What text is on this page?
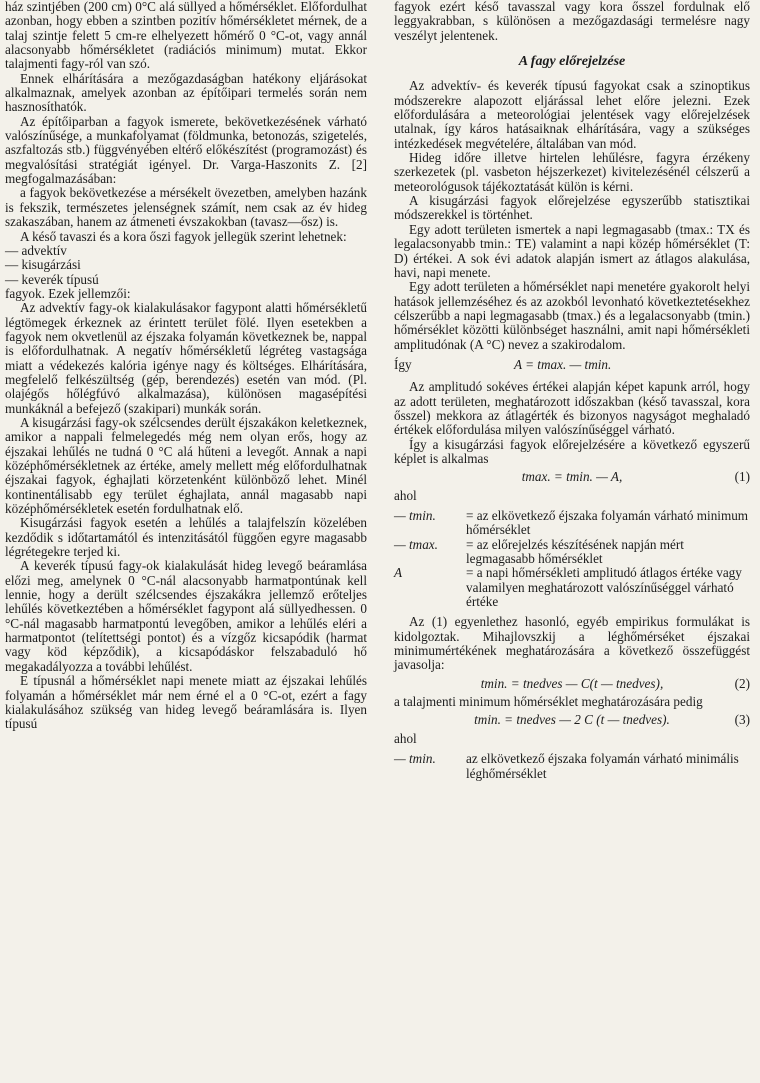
ház szintjében (200 cm) 0°C alá süllyed a hőmérséklet. Előfordulhat azonban, hogy ebben a szintben pozitív hőmérsékletet mérnek, de a talaj szintje felett 5 cm-re elhelyezett hőmérő 0 °C-ot, vagy annál alacsonyabb hőmérsékletet (radiációs minimum) mutat. Ekkor talajmenti fagy-ról van szó.

Ennek elhárítására a mezőgazdaságban hatékony eljárásokat alkalmaznak, amelyek azonban az építőipari termelés során nem hasznosíthatók.

Az építőiparban a fagyok ismerete, bekövetkezésének várható valószínűsége, a munkafolyamat (földmunka, betonozás, szigetelés, aszfaltozás stb.) függvényében eltérő előkészítést (programozást) és megvalósítási stratégiát igényel. Dr. Varga-Haszonits Z. [2] megfogalmazásában:

a fagyok bekövetkezése a mérsékelt övezetben, amelyben hazánk is fekszik, természetes jelenségnek számít, nem csak az év hideg szakaszában, hanem az átmeneti évszakokban (tavasz—ősz) is.

A késő tavaszi és a kora őszi fagyok jellegük szerint lehetnek:

— advektív

— kisugárzási

— keverék típusú

fagyok. Ezek jellemzői:

Az advektív fagy-ok kialakulásakor fagypont alatti hőmérsékletű légtömegek érkeznek az érintett terület fölé. Ilyen esetekben a fagyok nem okvetlenül az éjszaka folyamán következnek be, nappal is előfordulhatnak. A negatív hőmérsékletű légréteg vastagsága miatt a védekezés kalória igénye nagy és költséges. Elhárítására, megfelelő felkészültség (gép, berendezés) esetén van mód. (Pl. olajégős hőlégfúvó alkalmazása), különösen magasépítési munkáknál a befejező (szakipari) munkák során.

A kisugárzási fagy-ok szélcsendes derült éjszakákon keletkeznek, amikor a nappali felmelegedés még nem olyan erős, hogy az éjszakai lehűlés ne tudná 0 °C alá hűteni a levegőt. Annak a napi középhőmérsékletnek az értéke, amely mellett még előfordulhatnak éjszakai fagyok, éghajlati körzetenként különböző lehet. Minél kontinentálisabb egy terület éghajlata, annál magasabb napi középhőmérsékletek esetén fordulhatnak elő.

Kisugárzási fagyok esetén a lehűlés a talajfelszín közelében kezdődik s időtartamától és intenzitásától függően egyre magasabb légrétegekre terjed ki.

A keverék típusú fagy-ok kialakulását hideg levegő beáramlása előzi meg, amelynek 0 °C-nál alacsonyabb harmatpontúnak kell lennie, hogy a derült szélcsendes éjszakákra jellemző erőteljes lehűlés következtében a hőmérséklet fagypont alá süllyedhessen. 0 °C-nál magasabb harmatpontú levegőben, amikor a lehűlés eléri a harmatpontot (telítettségi pontot) és a vízgőz kicsapódik (harmat vagy köd képződik), a kicsapódáskor felszabaduló hő megakadályozza a további lehűlést.

E típusnál a hőmérséklet napi menete miatt az éjszakai lehűlés folyamán a hőmérséklet már nem érné el a 0 °C-ot, ezért a fagy kialakulásához szükség van hideg levegő beáramlására is. Ilyen típusú

fagyok ezért késő tavasszal vagy kora ősszel fordulnak elő leggyakrabban, s különösen a mezőgazdasági termelésre nagy veszélyt jelentenek.

A fagy előrejelzése

Az advektív- és keverék típusú fagyokat csak a szinoptikus módszerekre alapozott eljárással lehet előre jelezni. Ezek előfordulására a meteorológiai jelentések vagy előrejelzések utalnak, így káros hatásaiknak elhárítására, vagy a szükséges intézkedések megvételére, általában van mód.

Hideg időre illetve hirtelen lehűlésre, fagyra érzékeny szerkezetek (pl. vasbeton héjszerkezet) kivitelezésénél célszerű a meteorológusok tájékoztatását külön is kérni.

A kisugárzási fagyok előrejelzése egyszerűbb statisztikai módszerekkel is történhet.

Egy adott területen ismertek a napi legmagasabb (tmax.: TX és legalacsonyabb tmin.: TE) valamint a napi közép hőmérséklet (T: D) értékei. A sok évi adatok alapján ismert az átlagos alakulása, havi, napi menete.

Egy adott területen a hőmérséklet napi menetére gyakorolt helyi hatások jellemzéséhez és az azokból levonható következtetésekhez célszerűbb a napi legmagasabb (tmax.) és a legalacsonyabb (tmin.) hőmérséklet közötti különbséget használni, amit napi hőmérsékleti amplitudónak (A °C) nevez a szakirodalom.

Így	A = tmax. — tmin.

Az amplitudó sokéves értékei alapján képet kapunk arról, hogy az adott területen, meghatározott időszakban (késő tavasszal, kora ősszel) mekkora az átlagérték és bizonyos nagyságot meghaladó értékek előfordulása milyen valószínűséggel várható.

Így a kisugárzási fagyok előrejelzésére a következő egyszerű képlet is alkalmas

tmax. = tmin. — A,	(1)

ahol

— tmin.	= az elkövetkező éjszaka folyamán várható minimum hőmérséklet
— tmax.	= az előrejelzés készítésének napján mért legmagasabb hőmérséklet
A	= a napi hőmérsékleti amplitudó átlagos értéke vagy valamilyen meghatározott valószínűséggel várható értéke

Az (1) egyenlethez hasonló, egyéb empirikus formulákat is kidolgoztak. Mihajlovszkij a léghőmérséket éjszakai minimumértékének meghatározására a következő összefüggést javasolja:

tmin. = tnedves — C(t — tnedves),	(2)

a talajmenti minimum hőmérséklet meghatározására pedig

tmin. = tnedves — 2 C (t — tnedves).	(3)

ahol

— tmin.	az elkövetkező éjszaka folyamán várható minimális léghőmérséklet
